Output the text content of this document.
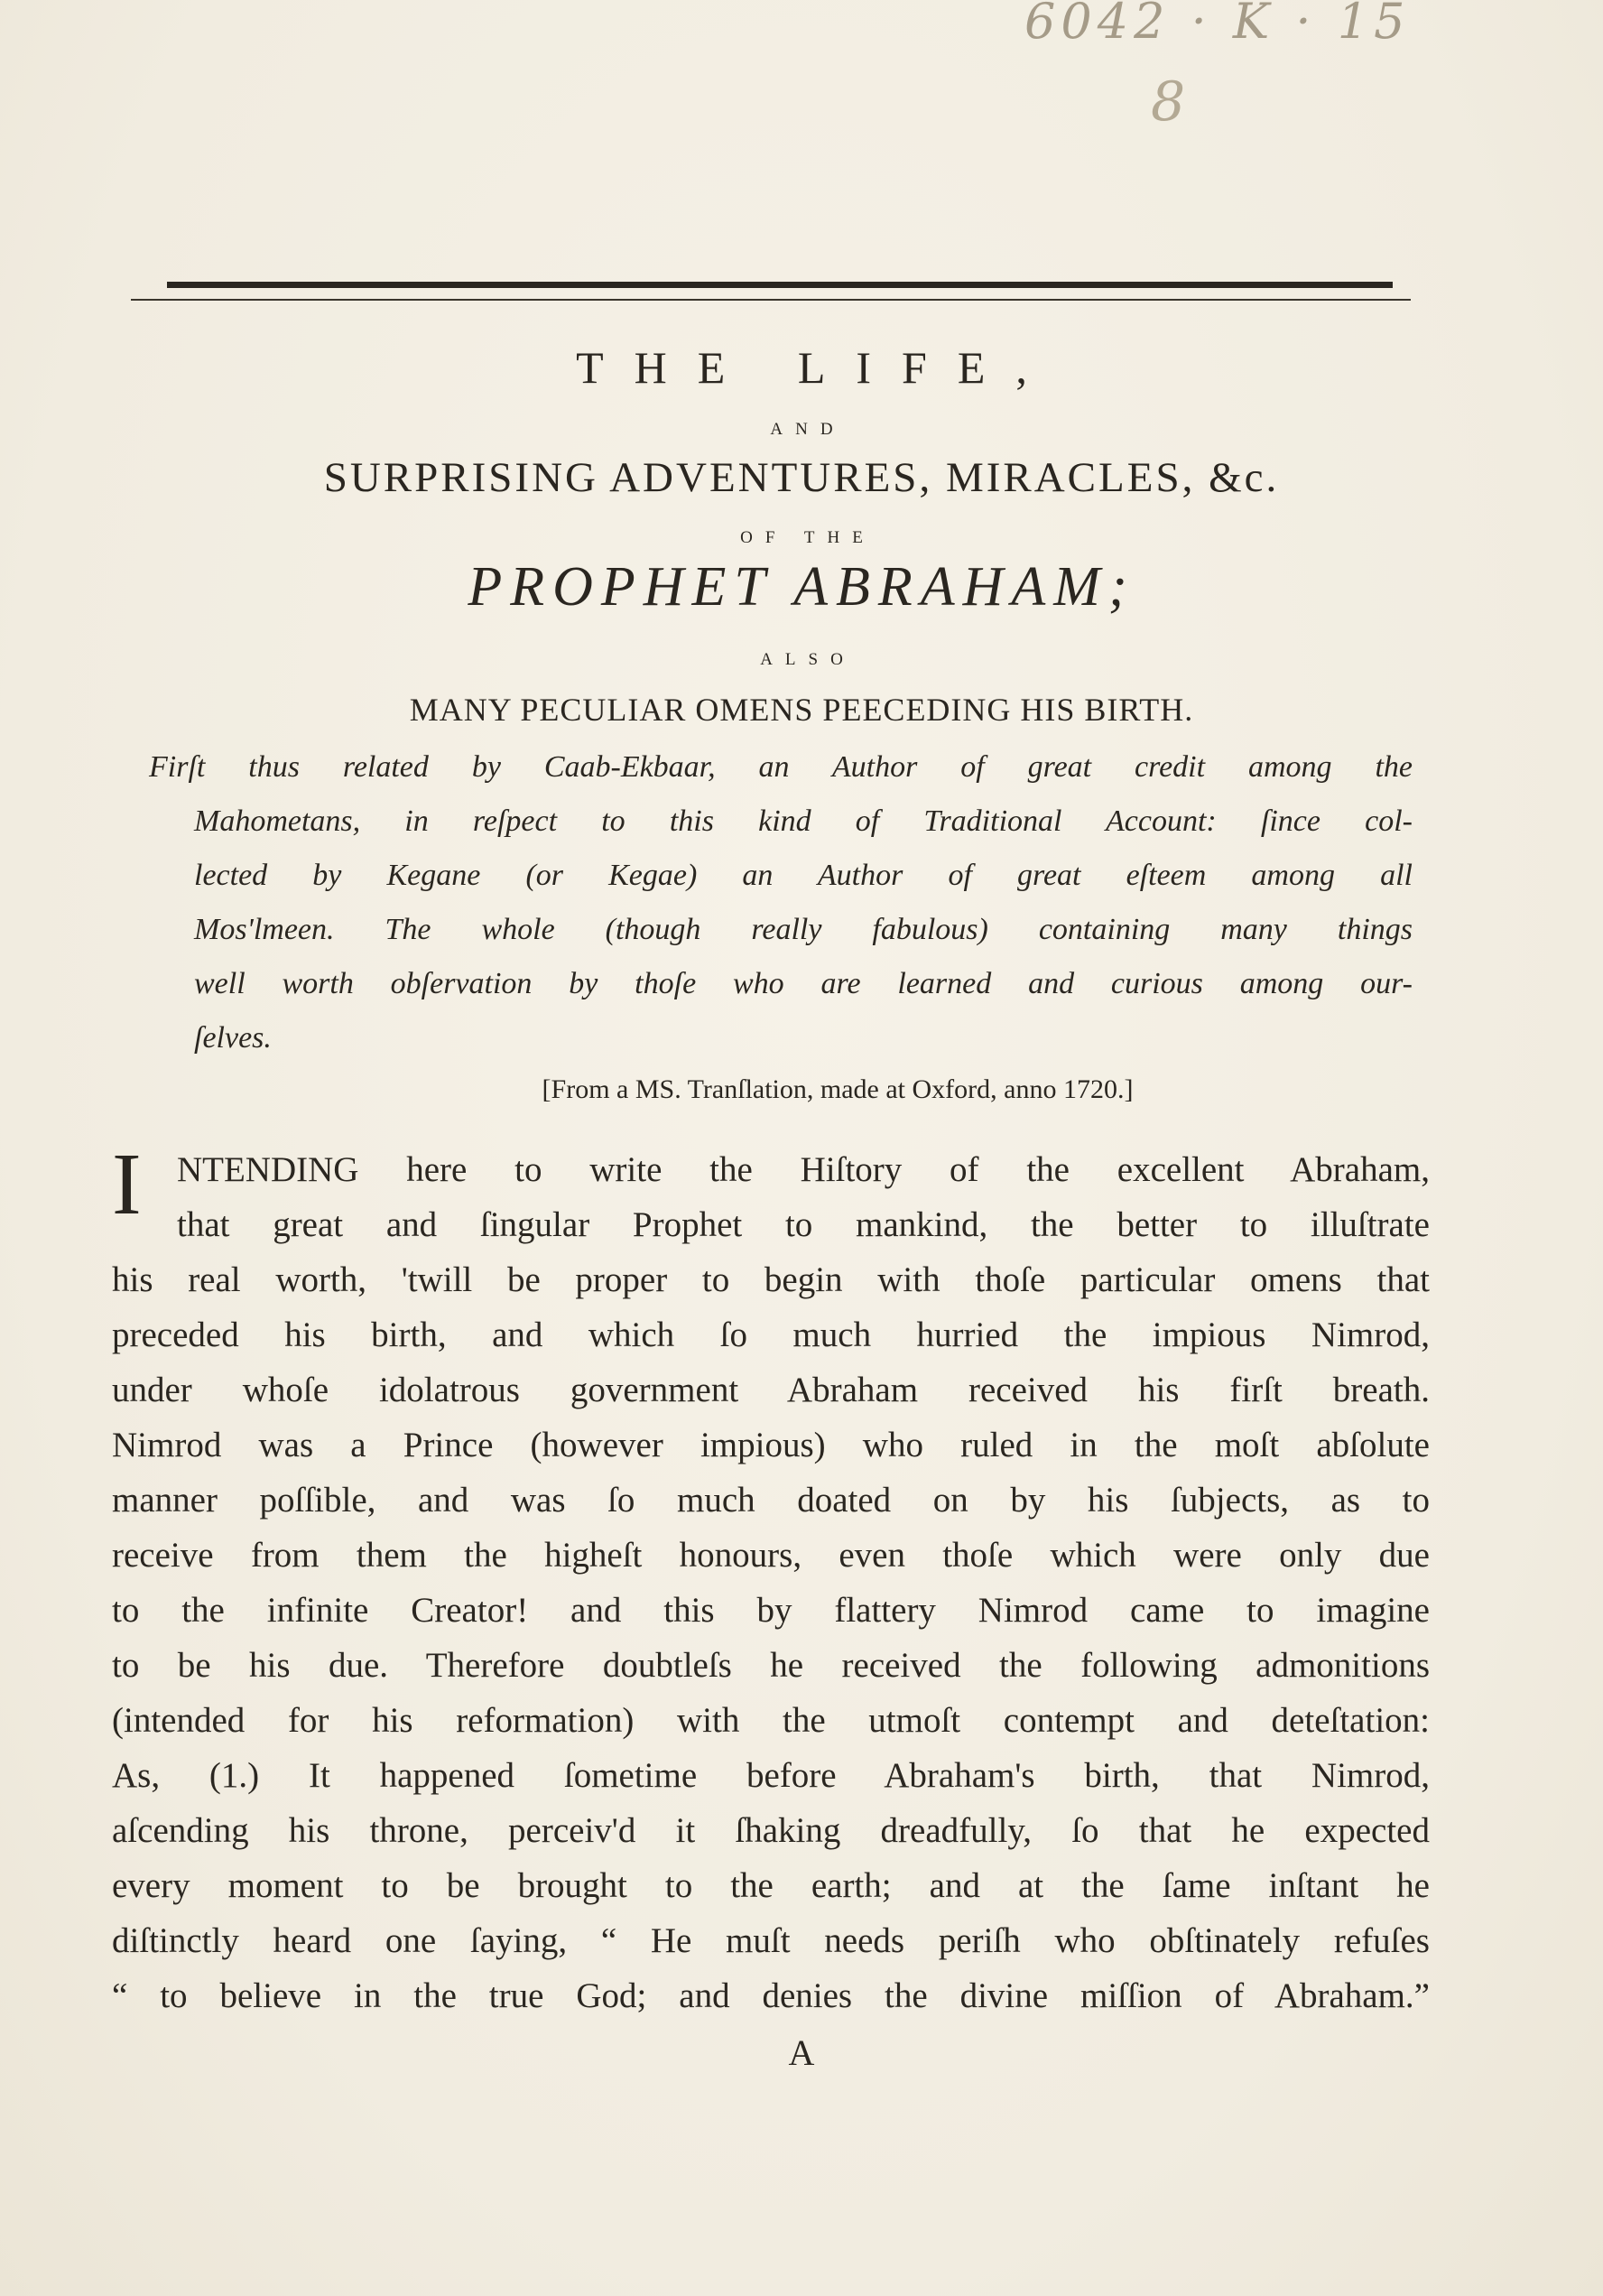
6042 · K · 15
8
THE LIFE,
AND
SURPRISING ADVENTURES, MIRACLES, &c.
OF THE
PROPHET ABRAHAM;
ALSO
MANY PECULIAR OMENS PEECEDING HIS BIRTH.
Firſt thus related by Caab-Ekbaar, an Author of great credit among the
Mahometans, in reſpect to this kind of Traditional Account: ſince col-
lected by Kegane (or Kegae) an Author of great eſteem among all
Mos'lmeen. The whole (though really fabulous) containing many things
well worth obſervation by thoſe who are learned and curious among our-
ſelves.
[From a MS. Tranſlation, made at Oxford, anno 1720.]
I	NTENDING here to write the Hiſtory of the excellent Abraham,
that great and ſingular Prophet to mankind, the better to illuſtrate
his real worth, 'twill be proper to begin with thoſe particular omens that
preceded his birth, and which ſo much hurried the impious Nimrod,
under whoſe idolatrous government Abraham received his firſt breath.
Nimrod was a Prince (however impious) who ruled in the moſt abſolute
manner poſſible, and was ſo much doated on by his ſubjects, as to
receive from them the higheſt honours, even thoſe which were only due
to the infinite Creator! and this by flattery Nimrod came to imagine
to be his due. Therefore doubtleſs he received the following admonitions
(intended for his reformation) with the utmoſt contempt and deteſtation:
As, (1.) It happened ſometime before Abraham's birth, that Nimrod,
aſcending his throne, perceiv'd it ſhaking dreadfully, ſo that he expected
every moment to be brought to the earth; and at the ſame inſtant he
diſtinctly heard one ſaying, “ He muſt needs periſh who obſtinately refuſes
“ to believe in the true God; and denies the divine miſſion of Abraham.”
A
